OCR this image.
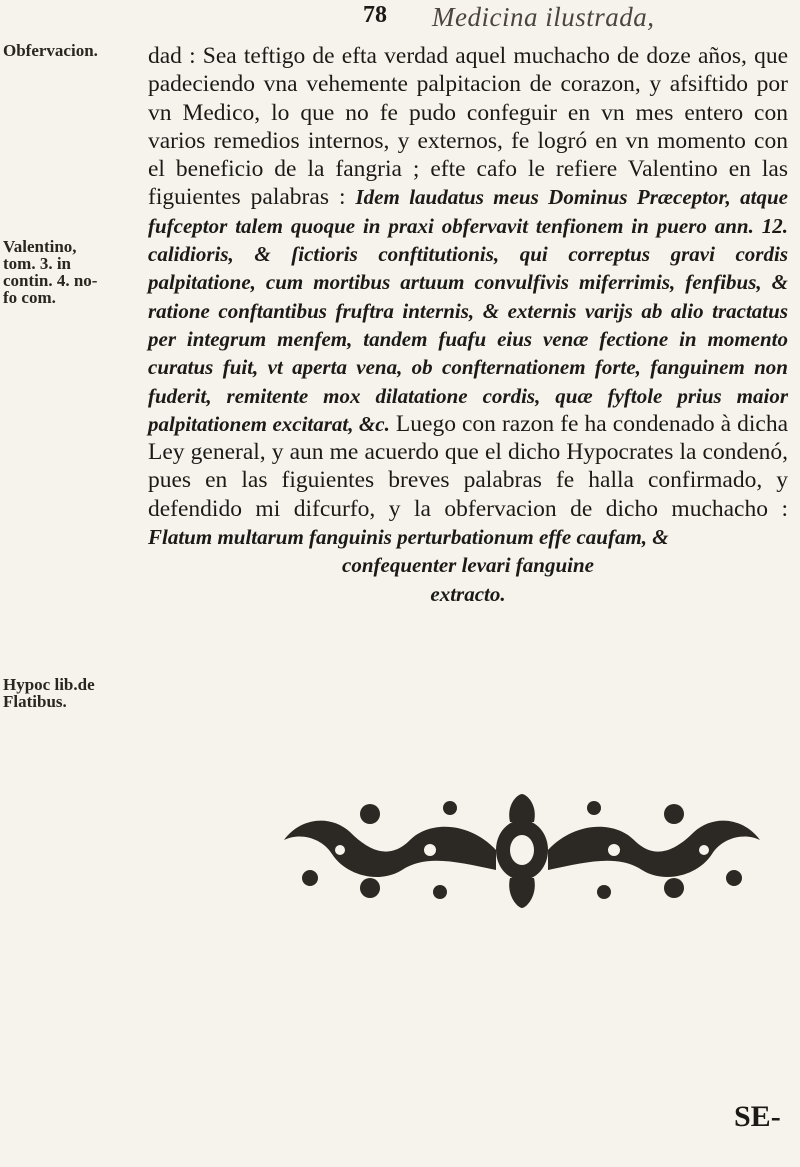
78 Medicina ilustrada,
Obfervacion.
Valentino,
tom. 3. in
contin. 4. no-
fo com.
Hypoc lib.de
Flatibus.

dad : Sea teftigo de efta verdad aquel muchacho de doze años, que padeciendo vna vehemente palpitacion de corazon, y afsiftido por vn Medico, lo que no fe pudo confeguir en vn mes entero con varios remedios internos, y externos, fe logró en vn momento con el beneficio de la fangria ; efte cafo le refiere Valentino en las figuientes palabras : Idem laudatus meus Dominus Præceptor, atque fufceptor talem quoque in praxi obfervavit tenfionem in puero ann. 12. calidioris, & ſictioris conftitutionis, qui correptus gravi cordis palpitatione, cum mortibus artuum convulfivis miferrimis, fenfibus, & ratione conftantibus fruftra internis, & externis varijs ab alio tractatus per integrum menfem, tandem fuafu eius venæ fectione in momento curatus fuit, vt aperta vena, ob confternationem forte, fanguinem non fuderit, remitente mox dilatatione cordis, quæ fyftole prius maior palpitationem excitarat, &c. Luego con razon fe ha condenado à dicha Ley general, y aun me acuerdo que el dicho Hypocrates la condenó, pues en las figuientes breves palabras fe halla confirmado, y defendido mi difcurfo, y la obfervacion de dicho muchacho : Flatum multarum fanguinis perturbationum effe caufam, &

confequenter levari fanguine
extracto.
SE-
